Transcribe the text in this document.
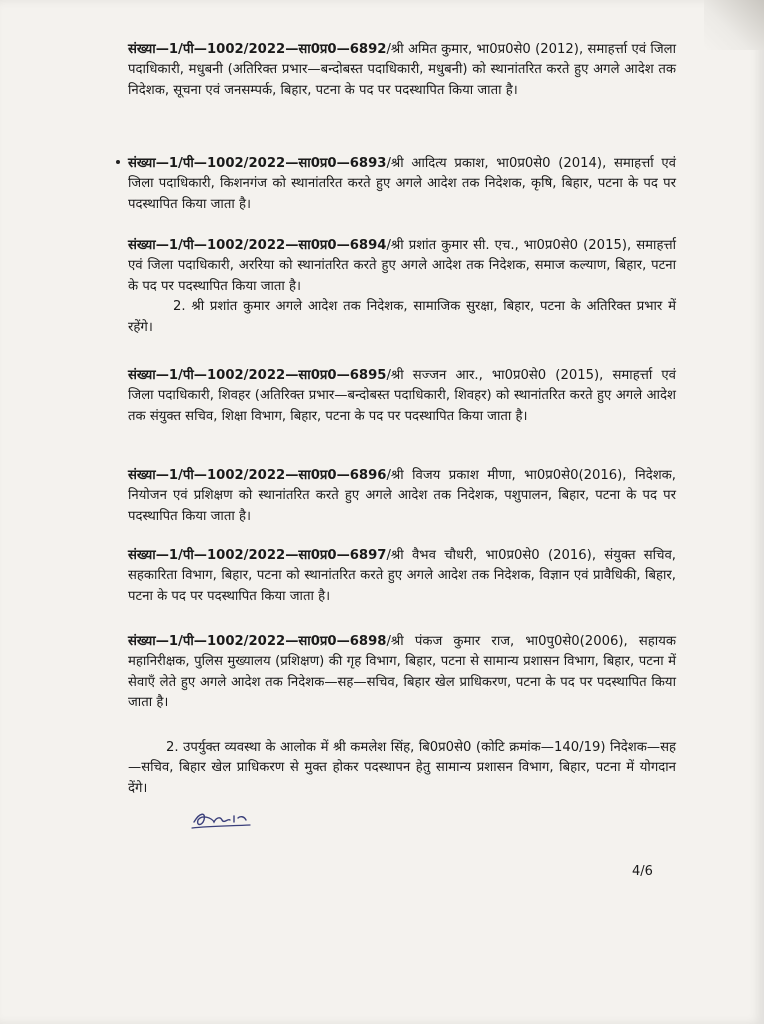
संख्या—1/पी—1002/2022—सा0प्र0—6892/श्री अमित कुमार, भा0प्र0से0 (2012), समाहर्त्ता एवं जिला पदाधिकारी, मधुबनी (अतिरिक्त प्रभार—बन्दोबस्त पदाधिकारी, मधुबनी) को स्थानांतरित करते हुए अगले आदेश तक निदेशक, सूचना एवं जनसम्पर्क, बिहार, पटना के पद पर पदस्थापित किया जाता है।

संख्या—1/पी—1002/2022—सा0प्र0—6893/श्री आदित्य प्रकाश, भा0प्र0से0 (2014), समाहर्त्ता एवं जिला पदाधिकारी, किशनगंज को स्थानांतरित करते हुए अगले आदेश तक निदेशक, कृषि, बिहार, पटना के पद पर पदस्थापित किया जाता है।

संख्या—1/पी—1002/2022—सा0प्र0—6894/श्री प्रशांत कुमार सी. एच., भा0प्र0से0 (2015), समाहर्त्ता एवं जिला पदाधिकारी, अररिया को स्थानांतरित करते हुए अगले आदेश तक निदेशक, समाज कल्याण, बिहार, पटना के पद पर पदस्थापित किया जाता है।

2. श्री प्रशांत कुमार अगले आदेश तक निदेशक, सामाजिक सुरक्षा, बिहार, पटना के अतिरिक्त प्रभार में रहेंगे।

संख्या—1/पी—1002/2022—सा0प्र0—6895/श्री सज्जन आर., भा0प्र0से0 (2015), समाहर्त्ता एवं जिला पदाधिकारी, शिवहर (अतिरिक्त प्रभार—बन्दोबस्त पदाधिकारी, शिवहर) को स्थानांतरित करते हुए अगले आदेश तक संयुक्त सचिव, शिक्षा विभाग, बिहार, पटना के पद पर पदस्थापित किया जाता है।

संख्या—1/पी—1002/2022—सा0प्र0—6896/श्री विजय प्रकाश मीणा, भा0प्र0से0(2016), निदेशक, नियोजन एवं प्रशिक्षण को स्थानांतरित करते हुए अगले आदेश तक निदेशक, पशुपालन, बिहार, पटना के पद पर पदस्थापित किया जाता है।

संख्या—1/पी—1002/2022—सा0प्र0—6897/श्री वैभव चौधरी, भा0प्र0से0 (2016), संयुक्त सचिव, सहकारिता विभाग, बिहार, पटना को स्थानांतरित करते हुए अगले आदेश तक निदेशक, विज्ञान एवं प्रावैधिकी, बिहार, पटना के पद पर पदस्थापित किया जाता है।

संख्या—1/पी—1002/2022—सा0प्र0—6898/श्री पंकज कुमार राज, भा0पु0से0(2006), सहायक महानिरीक्षक, पुलिस मुख्यालय (प्रशिक्षण) की गृह विभाग, बिहार, पटना से सामान्य प्रशासन विभाग, बिहार, पटना में सेवाएँ लेते हुए अगले आदेश तक निदेशक—सह—सचिव, बिहार खेल प्राधिकरण, पटना के पद पर पदस्थापित किया जाता है।

2. उपर्युक्त व्यवस्था के आलोक में श्री कमलेश सिंह, बि0प्र0से0 (कोटि क्रमांक—140/19) निदेशक—सह—सचिव, बिहार खेल प्राधिकरण से मुक्त होकर पदस्थापन हेतु सामान्य प्रशासन विभाग, बिहार, पटना में योगदान देंगे।

4/6
